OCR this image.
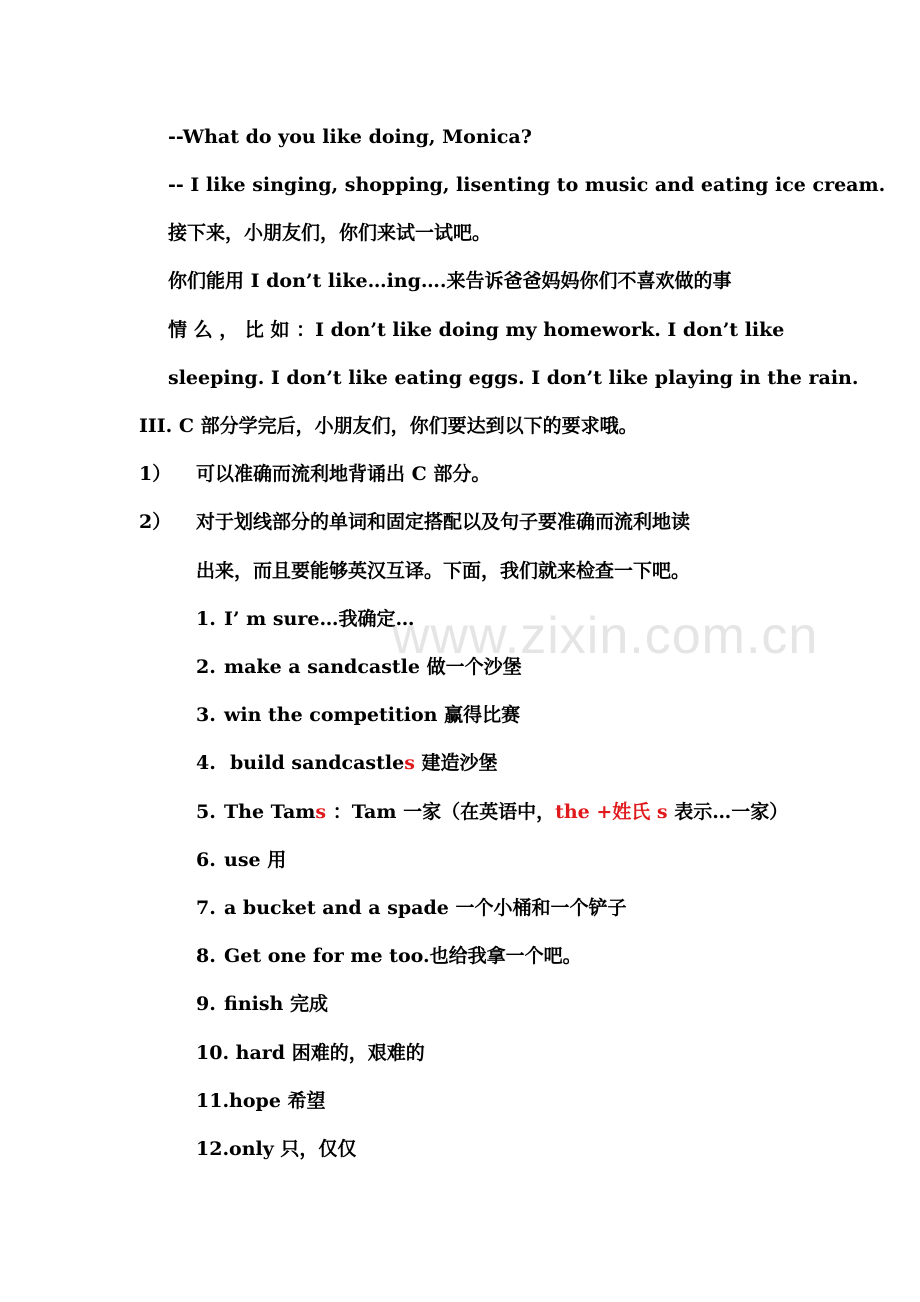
--What do you like doing, Monica?
-- I like singing, shopping, lisenting to music and eating ice cream.
接下来，小朋友们，你们来试一试吧。
你们能用 I don’t like…ing….来告诉爸爸妈妈你们不喜欢做的事
情 么 ， 比 如 ： I don’t like doing my homework. I don’t like
sleeping. I don’t like eating eggs. I don’t like playing in the rain.
III. C 部分学完后，小朋友们，你们要达到以下的要求哦。
1） 可以准确而流利地背诵出 C 部分。
2） 对于划线部分的单词和固定搭配以及句子要准确而流利地读
出来，而且要能够英汉互译。下面，我们就来检查一下吧。
1. I’ m sure…我确定…
2. make a sandcastle 做一个沙堡
3. win the competition 赢得比赛
4. build sandcastles 建造沙堡
5. The Tams ：Tam 一家（在英语中，the +姓氏 s 表示…一家）
6. use 用
7. a bucket and a spade 一个小桶和一个铲子
8. Get one for me too.也给我拿一个吧。
9. finish 完成
10. hard 困难的，艰难的
11.hope 希望
12.only 只，仅仅
www.zixin.com.cn
